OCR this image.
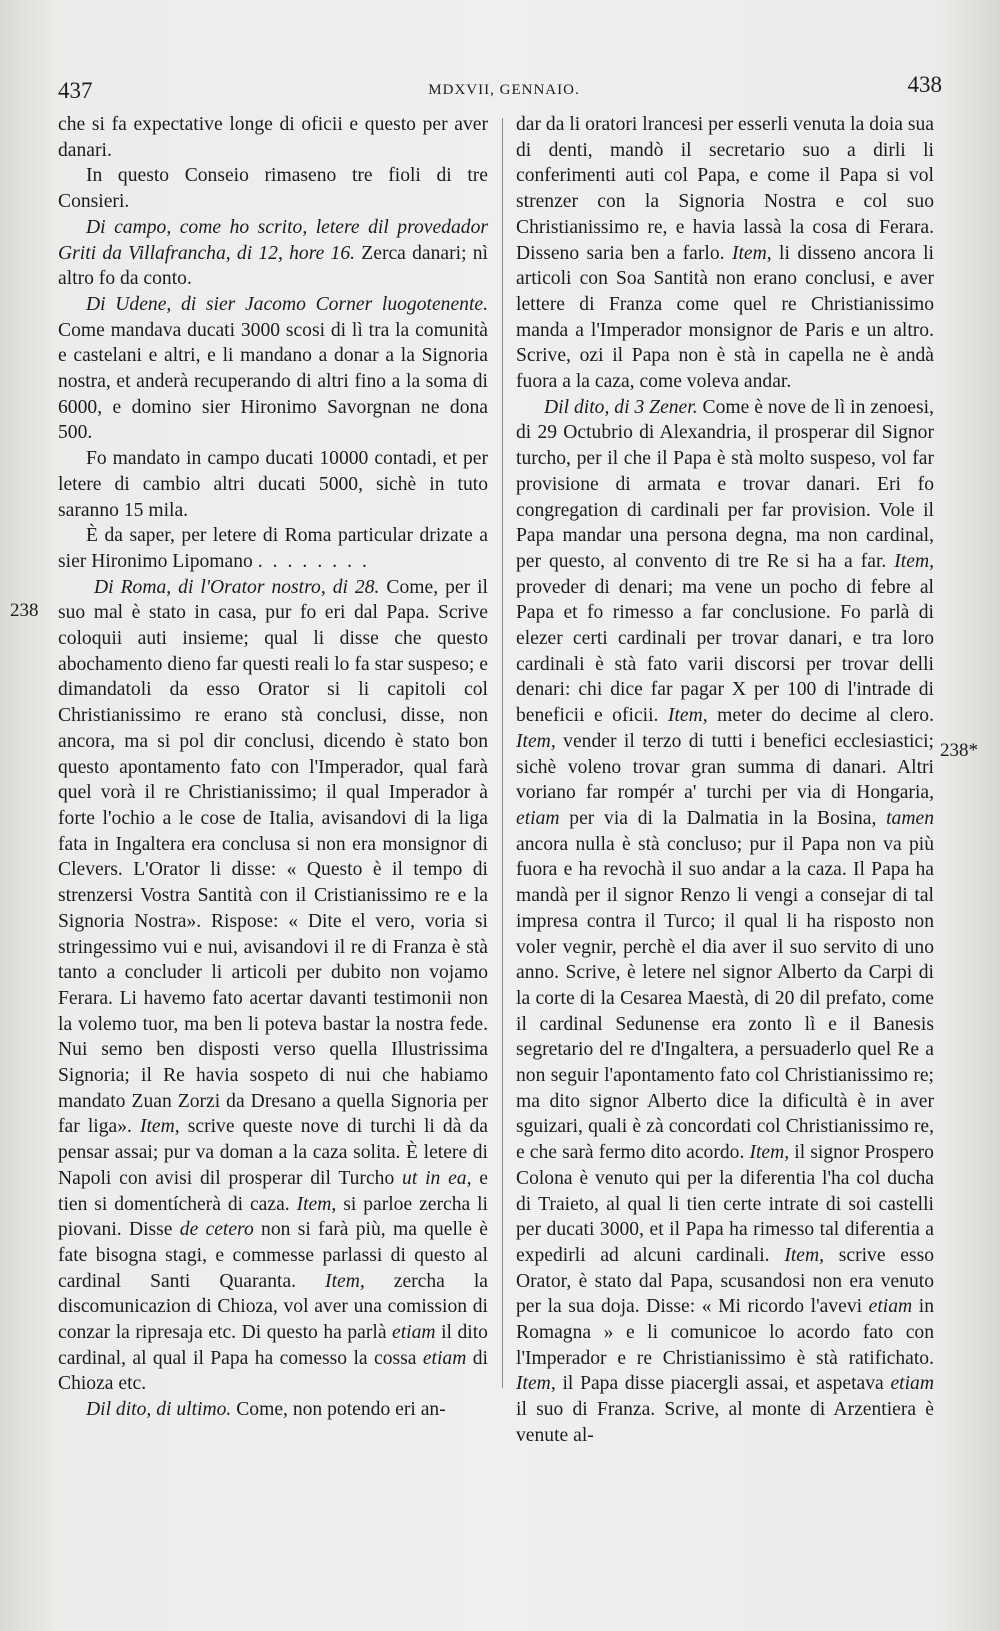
437	MDXVII, GENNAIO.	438
238
238*

che si fa expectative longe di oficii e questo per aver danari.

In questo Conseio rimaseno tre fioli di tre Consieri.

Di campo, come ho scrito, letere dil provedador Griti da Villafrancha, di 12, hore 16. Zerca danari; nì altro fo da conto.

Di Udene, di sier Jacomo Corner luogotenente. Come mandava ducati 3000 scosi di lì tra la comunità e castelani e altri, e li mandano a donar a la Signoria nostra, et anderà recuperando di altri fino a la soma di 6000, e domino sier Hironimo Savorgnan ne dona 500.

Fo mandato in campo ducati 10000 contadi, et per letere di cambio altri ducati 5000, sichè in tuto saranno 15 mila.

È da saper, per letere di Roma particular drizate a sier Hironimo Lipomano ........

Di Roma, di l'Orator nostro, di 28. Come, per il suo mal è stato in casa, pur fo eri dal Papa. Scrive coloquii auti insieme; qual li disse che questo abochamento dieno far questi reali lo fa star suspeso; e dimandatoli da esso Orator si li capitoli col Christianissimo re erano stà conclusi, disse, non ancora, ma si pol dir conclusi, dicendo è stato bon questo apontamento fato con l'Imperador, qual farà quel vorà il re Christianissimo; il qual Imperador à forte l'ochio a le cose de Italia, avisandovi di la liga fata in Ingaltera era conclusa si non era monsignor di Clevers. L'Orator li disse: « Questo è il tempo di strenzersi Vostra Santità con il Cristianissimo re e la Signoria Nostra». Rispose: « Dite el vero, voria si stringessimo vui e nui, avisandovi il re di Franza è stà tanto a concluder li articoli per dubito non vojamo Ferara. Li havemo fato acertar davanti testimonii non la volemo tuor, ma ben li poteva bastar la nostra fede. Nui semo ben disposti verso quella Illustrissima Signoria; il Re havia sospeto di nui che habiamo mandato Zuan Zorzi da Dresano a quella Signoria per far liga». Item, scrive queste nove di turchi li dà da pensar assai; pur va doman a la caza solita. È letere di Napoli con avisi dil prosperar dil Turcho ut in ea, e tien si domentícherà di caza. Item, si parloe zercha li piovani. Disse de cetero non si farà più, ma quelle è fate bisogna stagi, e commesse parlassi di questo al cardinal Santi Quaranta. Item, zercha la discomunicazion di Chioza, vol aver una comission di conzar la ripresaja etc. Di questo ha parlà etiam il dito cardinal, al qual il Papa ha comesso la cossa etiam di Chioza etc.

Dil dito, di ultimo. Come, non potendo eri an-

dar da li oratori lrancesi per esserli venuta la doia sua di denti, mandò il secretario suo a dirli li conferimenti auti col Papa, e come il Papa si vol strenzer con la Signoria Nostra e col suo Christianissimo re, e havia lassà la cosa di Ferara. Disseno saria ben a farlo. Item, li disseno ancora li articoli con Soa Santità non erano conclusi, e aver lettere di Franza come quel re Christianissimo manda a l'Imperador monsignor de Paris e un altro. Scrive, ozi il Papa non è stà in capella ne è andà fuora a la caza, come voleva andar.

Dil dito, di 3 Zener. Come è nove de lì in zenoesi, di 29 Octubrio di Alexandria, il prosperar dil Signor turcho, per il che il Papa è stà molto suspeso, vol far provisione di armata e trovar danari. Eri fo congregation di cardinali per far provision. Vole il Papa mandar una persona degna, ma non cardinal, per questo, al convento di tre Re si ha a far. Item, proveder di denari; ma vene un pocho di febre al Papa et fo rimesso a far conclusione. Fo parlà di elezer certi cardinali per trovar danari, e tra loro cardinali è stà fato varii discorsi per trovar delli denari: chi dice far pagar X per 100 di l'intrade di beneficii e oficii. Item, meter do decime al clero. Item, vender il terzo di tutti i benefici ecclesiastici; sichè voleno trovar gran summa di danari. Altri voriano far rompér a' turchi per via di Hongaria, etiam per via di la Dalmatia in la Bosina, tamen ancora nulla è stà concluso; pur il Papa non va più fuora e ha revochà il suo andar a la caza. Il Papa ha mandà per il signor Renzo li vengi a consejar di tal impresa contra il Turco; il qual li ha risposto non voler vegnir, perchè el dia aver il suo servito di uno anno. Scrive, è letere nel signor Alberto da Carpi di la corte di la Cesarea Maestà, di 20 dil prefato, come il cardinal Sedunense era zonto lì e il Banesis segretario del re d'Ingaltera, a persuaderlo quel Re a non seguir l'apontamento fato col Christianissimo re; ma dito signor Alberto dice la dificultà è in aver sguizari, quali è zà concordati col Christianissimo re, e che sarà fermo dito acordo. Item, il signor Prospero Colona è venuto qui per la diferentia l'ha col ducha di Traieto, al qual li tien certe intrate di soi castelli per ducati 3000, et il Papa ha rimesso tal diferentia a expedirli ad alcuni cardinali. Item, scrive esso Orator, è stato dal Papa, scusandosi non era venuto per la sua doja. Disse: « Mi ricordo l'avevi etiam in Romagna » e li comunicoe lo acordo fato con l'Imperador e re Christianissimo è stà ratifichato. Item, il Papa disse piacergli assai, et aspetava etiam il suo di Franza. Scrive, al monte di Arzentiera è venute al-
